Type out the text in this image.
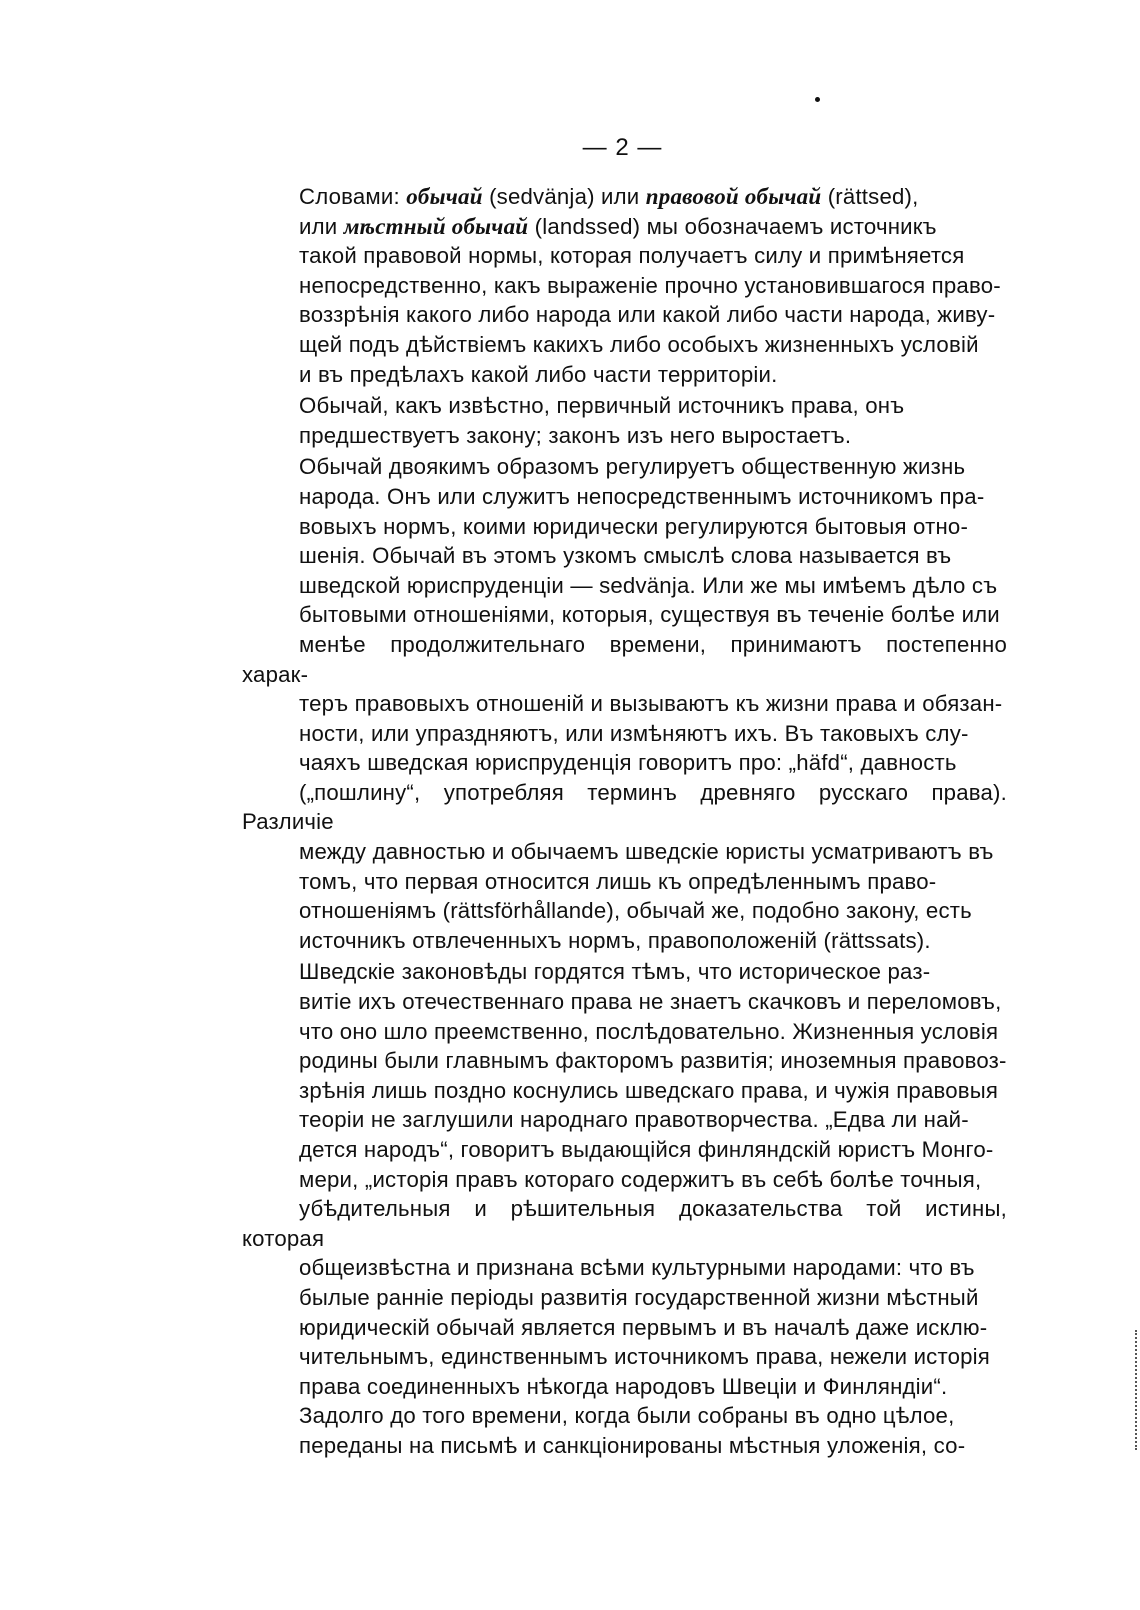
— 2 —

Словами: обычай (sedvänja) или правовой обычай (rättsed),
или мѣстный обычай (landssed) мы обозначаемъ источникъ
такой правовой нормы, которая получаетъ силу и примѣняется
непосредственно, какъ выраженіе прочно установившагося право-
воззрѣнія какого либо народа или какой либо части народа, живу-
щей подъ дѣйствіемъ какихъ либо особыхъ жизненныхъ условій
и въ предѣлахъ какой либо части территоріи.

Обычай, какъ извѣстно, первичный источникъ права, онъ
предшествуетъ закону; законъ изъ него выростаетъ.

Обычай двоякимъ образомъ регулируетъ общественную жизнь
народа. Онъ или служитъ непосредственнымъ источникомъ пра-
вовыхъ нормъ, коими юридически регулируются бытовыя отно-
шенія. Обычай въ этомъ узкомъ смыслѣ слова называется въ
шведской юриспруденціи — sedvänja. Или же мы имѣемъ дѣло съ
бытовыми отношеніями, которыя, существуя въ теченіе болѣе или
менѣе продолжительнаго времени, принимаютъ постепенно харак-
теръ правовыхъ отношеній и вызываютъ къ жизни права и обязан-
ности, или упраздняютъ, или измѣняютъ ихъ. Въ таковыхъ слу-
чаяхъ шведская юриспруденція говоритъ про: „häfd“, давность
(„пошлину“, употребляя терминъ древняго русскаго права). Различіе
между давностью и обычаемъ шведскіе юристы усматриваютъ въ
томъ, что первая относится лишь къ опредѣленнымъ право-
отношеніямъ (rättsförhållande), обычай же, подобно закону, есть
источникъ отвлеченныхъ нормъ, правоположеній (rättssats).

Шведскіе законовѣды гордятся тѣмъ, что историческое раз-
витіе ихъ отечественнаго права не знаетъ скачковъ и переломовъ,
что оно шло преемственно, послѣдовательно. Жизненныя условія
родины были главнымъ факторомъ развитія; иноземныя правовоз-
зрѣнія лишь поздно коснулись шведскаго права, и чужія правовыя
теоріи не заглушили народнаго правотворчества. „Едва ли най-
дется народъ“, говоритъ выдающійся финляндскій юристъ Монго-
мери, „исторія правъ котораго содержитъ въ себѣ болѣе точныя,
убѣдительныя и рѣшительныя доказательства той истины, которая
общеизвѣстна и признана всѣми культурными народами: что въ
былые ранніе періоды развитія государственной жизни мѣстный
юридическій обычай является первымъ и въ началѣ даже исклю-
чительнымъ, единственнымъ источникомъ права, нежели исторія
права соединенныхъ нѣкогда народовъ Швеціи и Финляндіи“.
Задолго до того времени, когда были собраны въ одно цѣлое,
переданы на письмѣ и санкціонированы мѣстныя уложенія, со-
